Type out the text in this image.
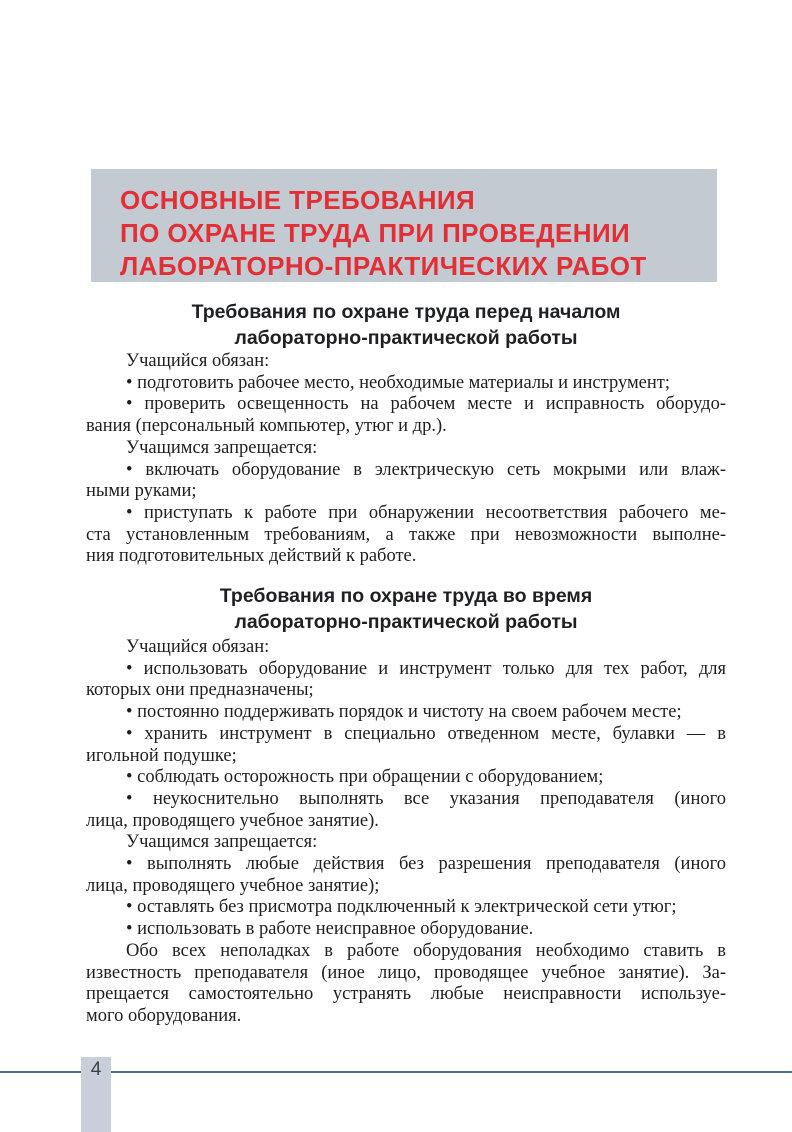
ОСНОВНЫЕ ТРЕБОВАНИЯ
ПО ОХРАНЕ ТРУДА ПРИ ПРОВЕДЕНИИ
ЛАБОРАТОРНО-ПРАКТИЧЕСКИХ РАБОТ
Требования по охране труда перед началом
лабораторно-практической работы
Учащийся обязан:
• подготовить рабочее место, необходимые материалы и инструмент;
• проверить освещенность на рабочем месте и исправность оборудо-
вания (персональный компьютер, утюг и др.).
Учащимся запрещается:
• включать оборудование в электрическую сеть мокрыми или влаж-
ными руками;
• приступать к работе при обнаружении несоответствия рабочего ме-
ста установленным требованиям, а также при невозможности выполне-
ния подготовительных действий к работе.
Требования по охране труда во время
лабораторно-практической работы
Учащийся обязан:
• использовать оборудование и инструмент только для тех работ, для
которых они предназначены;
• постоянно поддерживать порядок и чистоту на своем рабочем месте;
• хранить инструмент в специально отведенном месте, булавки — в
игольной подушке;
• соблюдать осторожность при обращении с оборудованием;
• неукоснительно выполнять все указания преподавателя (иного
лица, проводящего учебное занятие).
Учащимся запрещается:
• выполнять любые действия без разрешения преподавателя (иного
лица, проводящего учебное занятие);
• оставлять без присмотра подключенный к электрической сети утюг;
• использовать в работе неисправное оборудование.
Обо всех неполадках в работе оборудования необходимо ставить в
известность преподавателя (иное лицо, проводящее учебное занятие). За-
прещается самостоятельно устранять любые неисправности используе-
мого оборудования.
4
